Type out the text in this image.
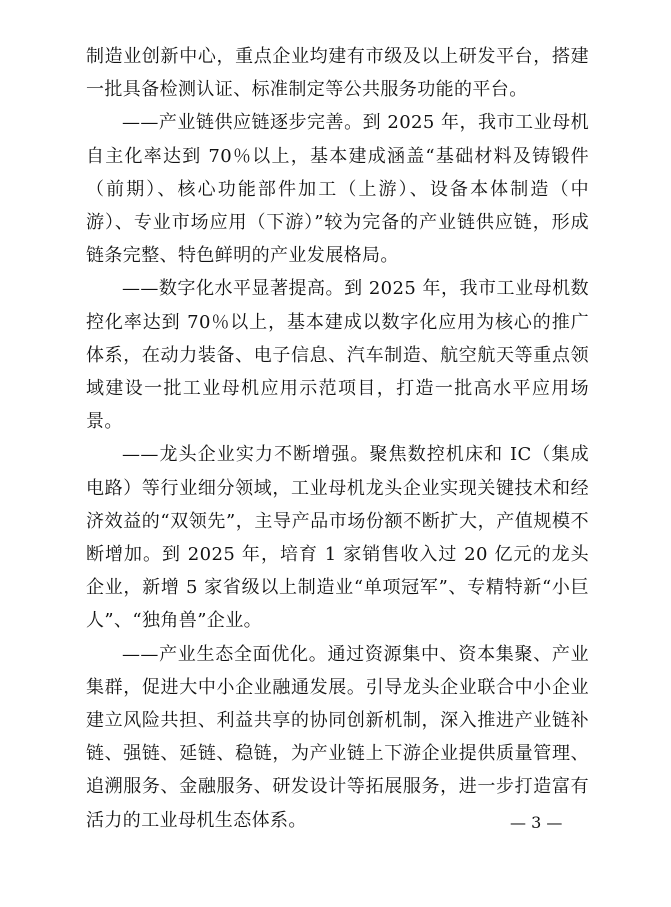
制造业创新中心，重点企业均建有市级及以上研发平台，搭建一批具备检测认证、标准制定等公共服务功能的平台。

——产业链供应链逐步完善。到 2025 年，我市工业母机自主化率达到 70％以上，基本建成涵盖“基础材料及铸锻件（前期）、核心功能部件加工（上游）、设备本体制造（中游）、专业市场应用（下游）”较为完备的产业链供应链，形成链条完整、特色鲜明的产业发展格局。

——数字化水平显著提高。到 2025 年，我市工业母机数控化率达到 70％以上，基本建成以数字化应用为核心的推广体系，在动力装备、电子信息、汽车制造、航空航天等重点领域建设一批工业母机应用示范项目，打造一批高水平应用场景。

——龙头企业实力不断增强。聚焦数控机床和 IC（集成电路）等行业细分领域，工业母机龙头企业实现关键技术和经济效益的“双领先”，主导产品市场份额不断扩大，产值规模不断增加。到 2025 年，培育 1 家销售收入过 20 亿元的龙头企业，新增 5 家省级以上制造业“单项冠军”、专精特新“小巨人”、“独角兽”企业。

——产业生态全面优化。通过资源集中、资本集聚、产业集群，促进大中小企业融通发展。引导龙头企业联合中小企业建立风险共担、利益共享的协同创新机制，深入推进产业链补链、强链、延链、稳链，为产业链上下游企业提供质量管理、追溯服务、金融服务、研发设计等拓展服务，进一步打造富有活力的工业母机生态体系。	— 3 —
